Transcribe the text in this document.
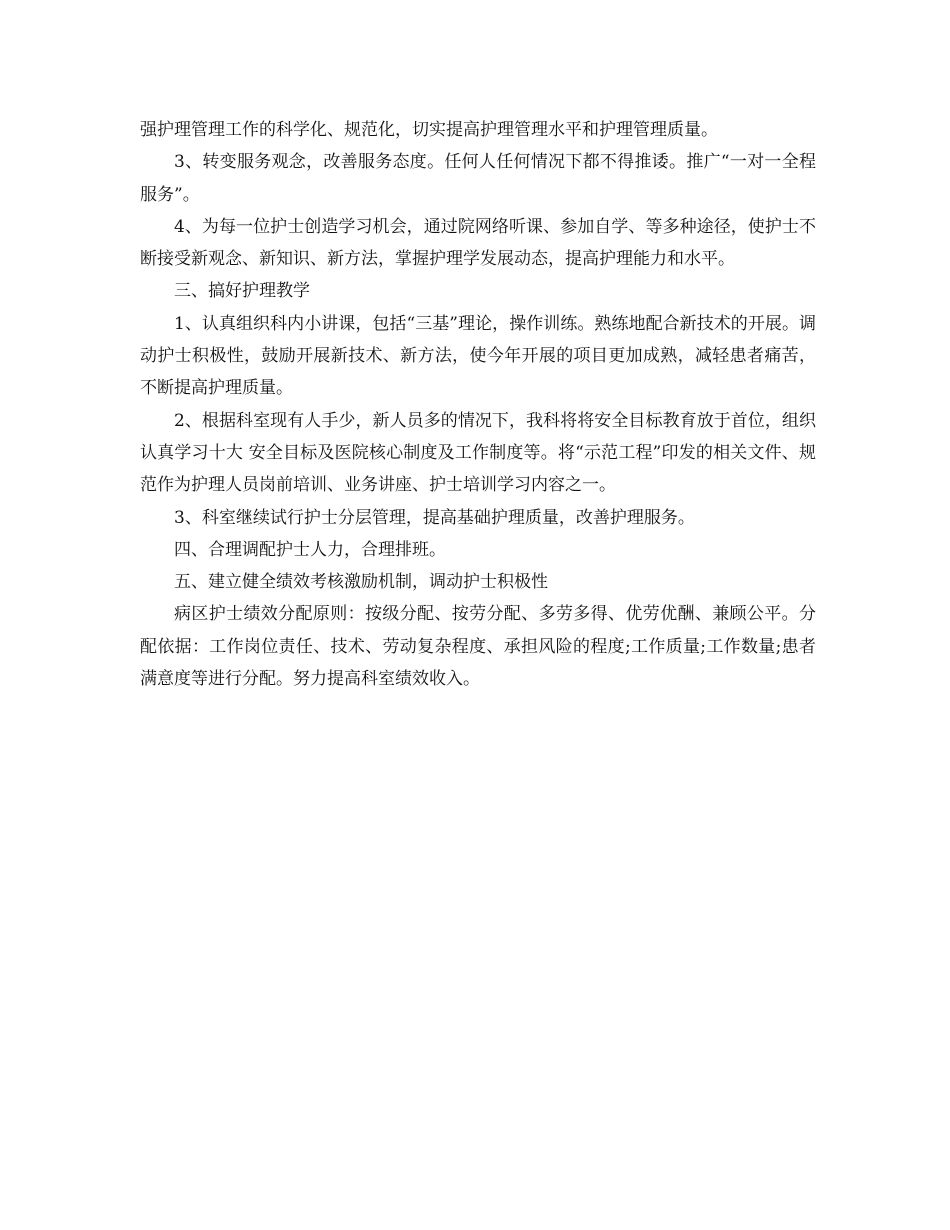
强护理管理工作的科学化、规范化，切实提高护理管理水平和护理管理质量。

3、转变服务观念，改善服务态度。任何人任何情况下都不得推诿。推广“一对一全程服务”。

4、为每一位护士创造学习机会，通过院网络听课、参加自学、等多种途径，使护士不断接受新观念、新知识、新方法，掌握护理学发展动态，提高护理能力和水平。

三、搞好护理教学

1、认真组织科内小讲课，包括“三基”理论，操作训练。熟练地配合新技术的开展。调动护士积极性，鼓励开展新技术、新方法，使今年开展的项目更加成熟，减轻患者痛苦，不断提高护理质量。

2、根据科室现有人手少，新人员多的情况下，我科将将安全目标教育放于首位，组织认真学习十大 安全目标及医院核心制度及工作制度等。将“示范工程”印发的相关文件、规范作为护理人员岗前培训、业务讲座、护士培训学习内容之一。

3、科室继续试行护士分层管理，提高基础护理质量，改善护理服务。

四、合理调配护士人力，合理排班。

五、建立健全绩效考核激励机制，调动护士积极性

病区护士绩效分配原则：按级分配、按劳分配、多劳多得、优劳优酬、兼顾公平。分配依据：工作岗位责任、技术、劳动复杂程度、承担风险的程度;工作质量;工作数量;患者满意度等进行分配。努力提高科室绩效收入。
